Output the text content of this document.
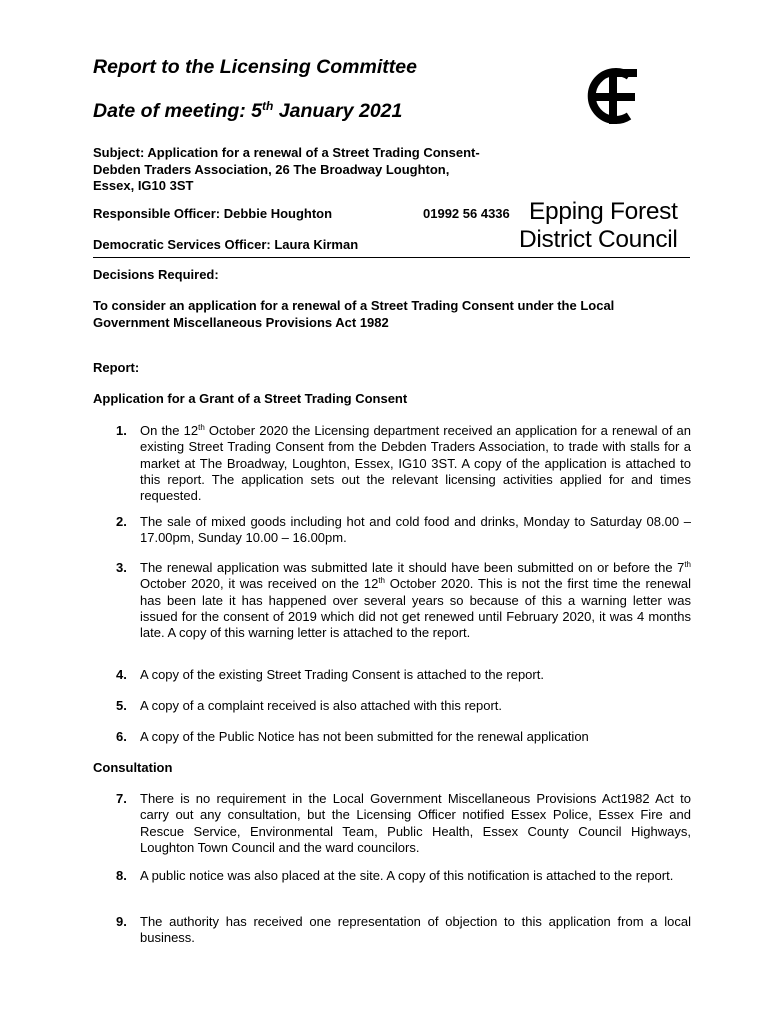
Report to the Licensing Committee
Date of meeting: 5th January 2021
Subject: Application for a renewal of a Street Trading Consent- Debden Traders Association, 26 The Broadway Loughton, Essex, IG10 3ST
Epping Forest
District Council
Responsible Officer: Debbie Houghton	01992 56 4336
Democratic Services Officer: Laura Kirman
Decisions Required:
To consider an application for a renewal of a Street Trading Consent under the Local Government Miscellaneous Provisions Act 1982
Report:
Application for a Grant of a Street Trading Consent
1. On the 12th October 2020 the Licensing department received an application for a renewal of an existing Street Trading Consent from the Debden Traders Association, to trade with stalls for a market at The Broadway, Loughton, Essex, IG10 3ST. A copy of the application is attached to this report. The application sets out the relevant licensing activities applied for and times requested.
2. The sale of mixed goods including hot and cold food and drinks, Monday to Saturday 08.00 – 17.00pm, Sunday 10.00 – 16.00pm.
3. The renewal application was submitted late it should have been submitted on or before the 7th October 2020, it was received on the 12th October 2020. This is not the first time the renewal has been late it has happened over several years so because of this a warning letter was issued for the consent of 2019 which did not get renewed until February 2020, it was 4 months late. A copy of this warning letter is attached to the report.
4. A copy of the existing Street Trading Consent is attached to the report.
5. A copy of a complaint received is also attached with this report.
6. A copy of the Public Notice has not been submitted for the renewal application
Consultation
7. There is no requirement in the Local Government Miscellaneous Provisions Act1982 Act to carry out any consultation, but the Licensing Officer notified Essex Police, Essex Fire and Rescue Service, Environmental Team, Public Health, Essex County Council Highways, Loughton Town Council and the ward councilors.
8. A public notice was also placed at the site. A copy of this notification is attached to the report.
9. The authority has received one representation of objection to this application from a local business.
